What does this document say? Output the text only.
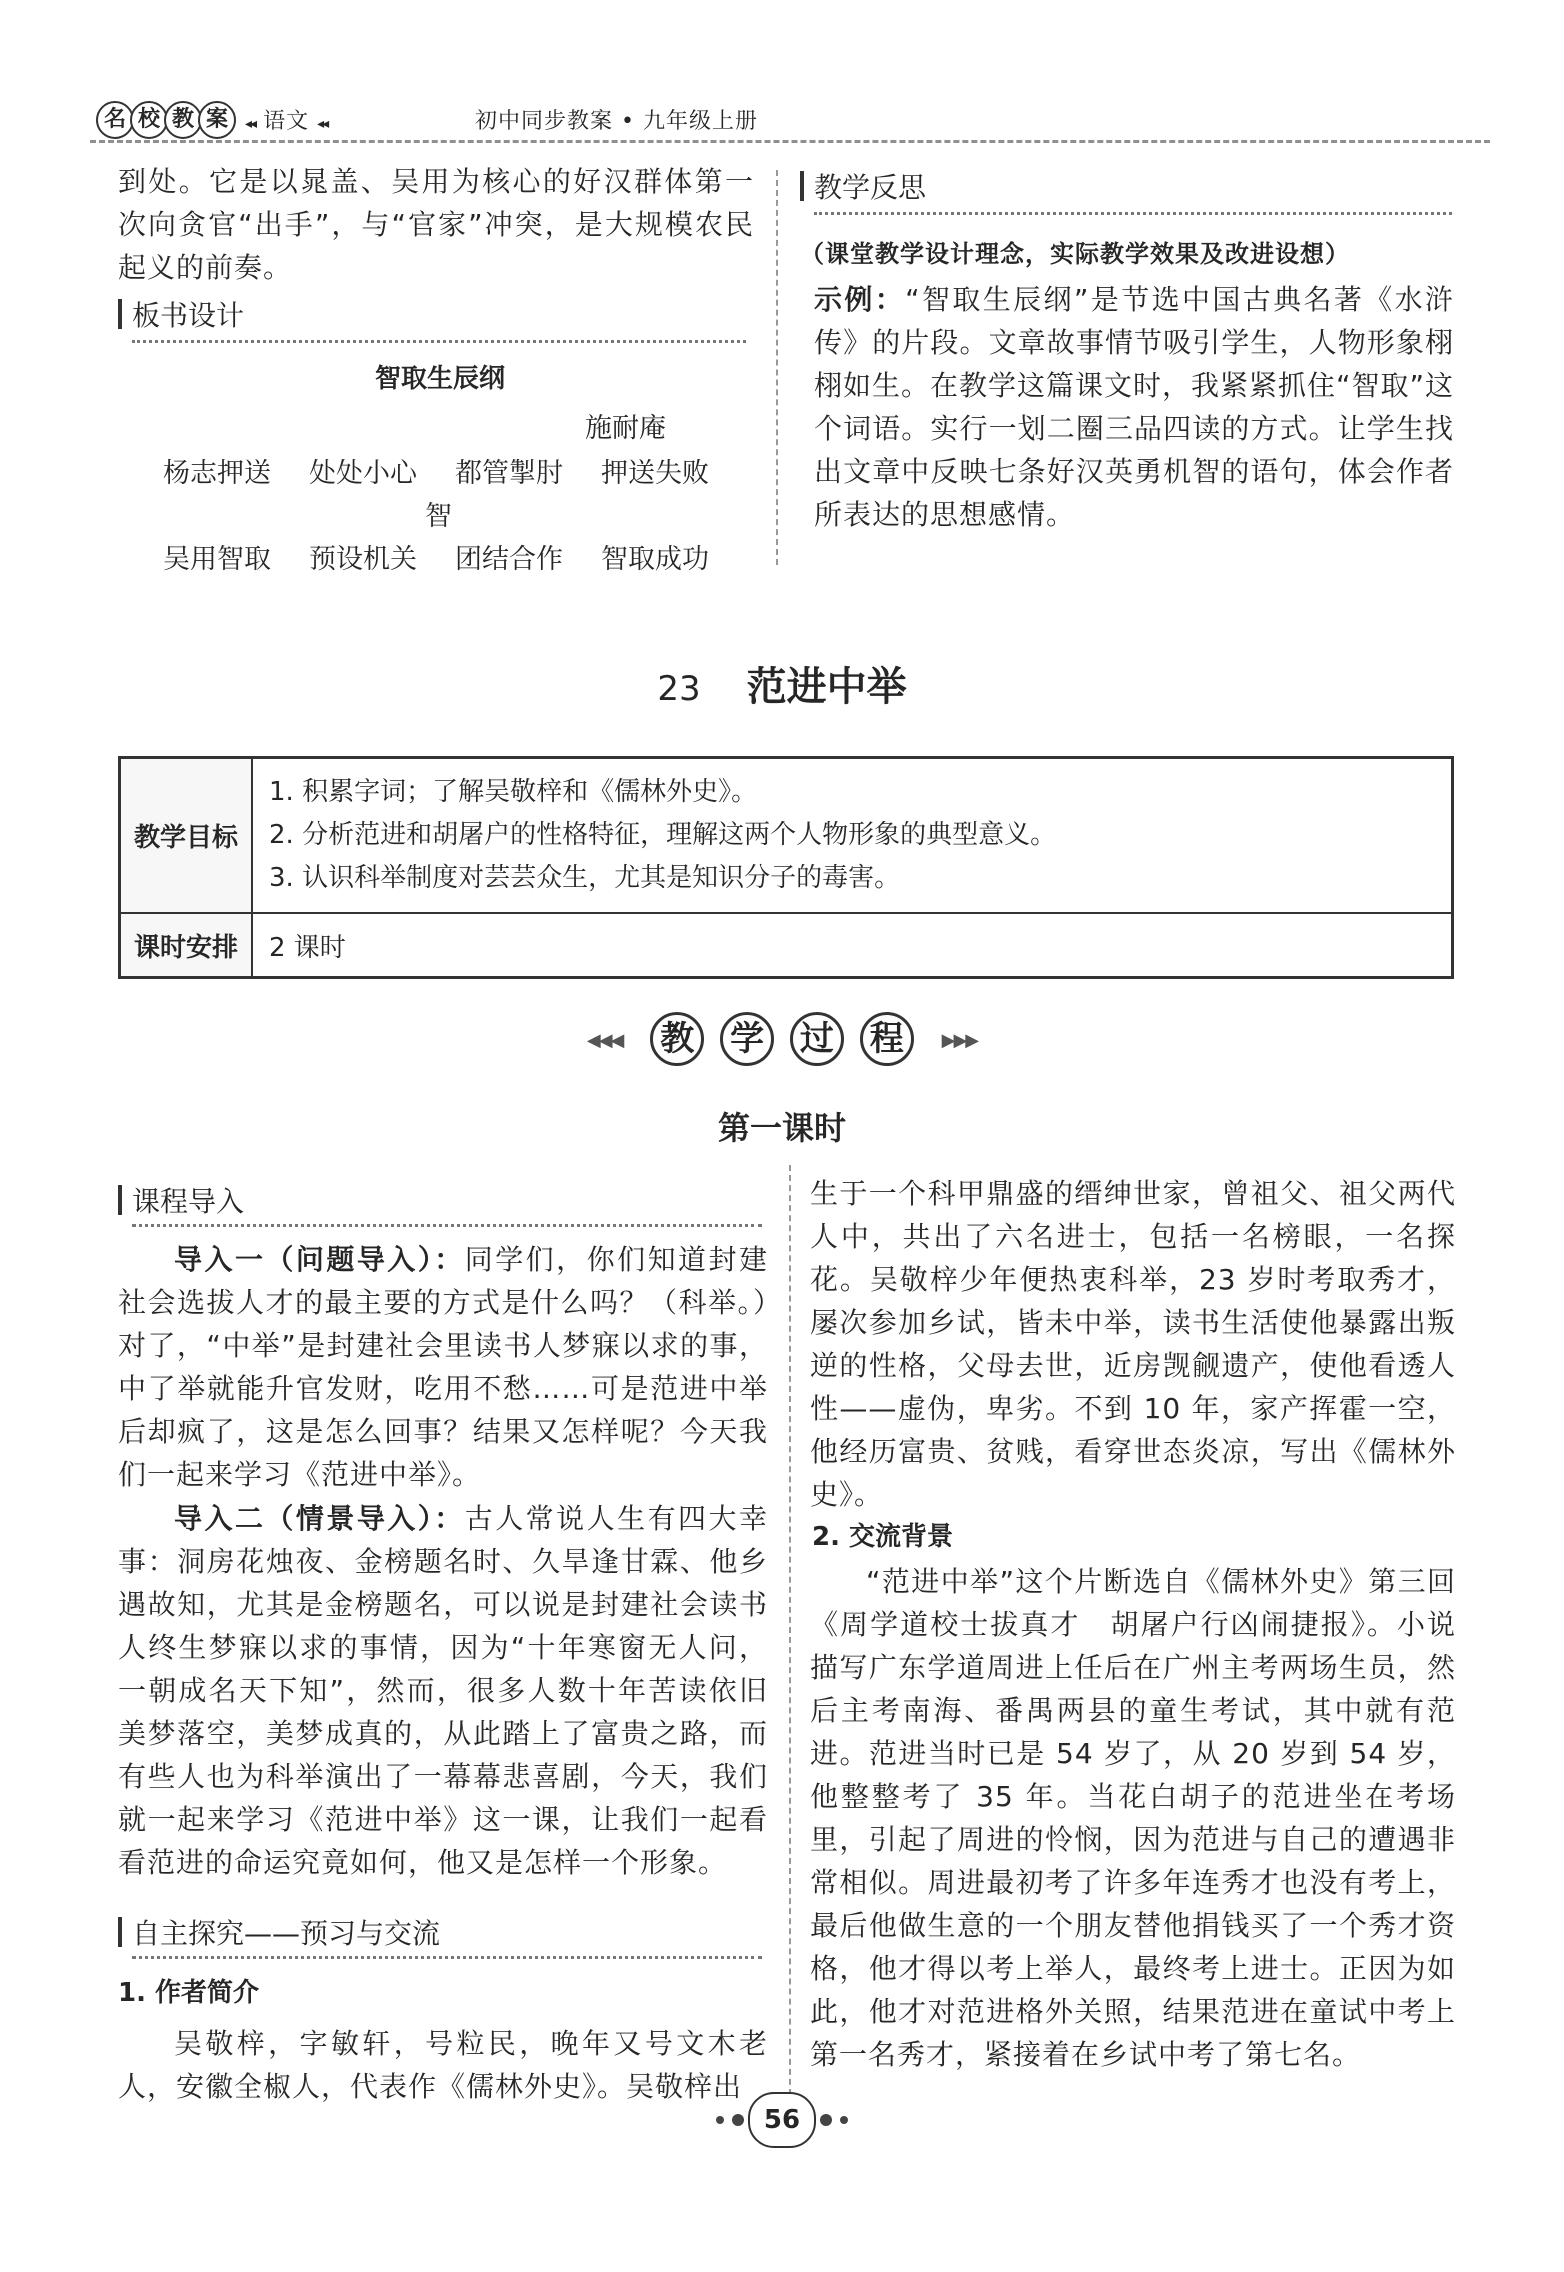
名 校 教 案	◂◂ 语文 ◂◂	初中同步教案 • 九年级上册
到处。它是以晁盖、吴用为核心的好汉群体第一次向贪官“出手”，与“官家”冲突，是大规模农民起义的前奏。
板书设计
智取生辰纲
施耐庵
杨志押送 处处小心 都管掣肘 押送失败
智
吴用智取 预设机关 团结合作 智取成功
教学反思
（课堂教学设计理念，实际教学效果及改进设想）
示例：“智取生辰纲”是节选中国古典名著《水浒传》的片段。文章故事情节吸引学生，人物形象栩栩如生。在教学这篇课文时，我紧紧抓住“智取”这个词语。实行一划二圈三品四读的方式。让学生找出文章中反映七条好汉英勇机智的语句，体会作者所表达的思想感情。
23 范进中举
教学目标	1. 积累字词；了解吴敬梓和《儒林外史》。
2. 分析范进和胡屠户的性格特征，理解这两个人物形象的典型意义。
3. 认识科举制度对芸芸众生，尤其是知识分子的毒害。

课时安排	2 课时
◀◀◀ 教 学 过 程 ▶▶▶
第一课时
课程导入
导入一（问题导入）：同学们，你们知道封建社会选拔人才的最主要的方式是什么吗？（科举。）对了，“中举”是封建社会里读书人梦寐以求的事，中了举就能升官发财，吃用不愁……可是范进中举后却疯了，这是怎么回事？结果又怎样呢？今天我们一起来学习《范进中举》。
导入二（情景导入）：古人常说人生有四大幸事：洞房花烛夜、金榜题名时、久旱逢甘霖、他乡遇故知，尤其是金榜题名，可以说是封建社会读书人终生梦寐以求的事情，因为“十年寒窗无人问，一朝成名天下知”，然而，很多人数十年苦读依旧美梦落空，美梦成真的，从此踏上了富贵之路，而有些人也为科举演出了一幕幕悲喜剧，今天，我们就一起来学习《范进中举》这一课，让我们一起看看范进的命运究竟如何，他又是怎样一个形象。
自主探究——预习与交流
1. 作者简介
吴敬梓，字敏轩，号粒民，晚年又号文木老人，安徽全椒人，代表作《儒林外史》。吴敬梓出
生于一个科甲鼎盛的缙绅世家，曾祖父、祖父两代人中，共出了六名进士，包括一名榜眼，一名探花。吴敬梓少年便热衷科举，23 岁时考取秀才，屡次参加乡试，皆未中举，读书生活使他暴露出叛逆的性格，父母去世，近房觊觎遗产，使他看透人性——虚伪，卑劣。不到 10 年，家产挥霍一空，他经历富贵、贫贱，看穿世态炎凉，写出《儒林外史》。
2. 交流背景
“范进中举”这个片断选自《儒林外史》第三回《周学道校士拔真才　胡屠户行凶闹捷报》。小说描写广东学道周进上任后在广州主考两场生员，然后主考南海、番禺两县的童生考试，其中就有范进。范进当时已是 54 岁了，从 20 岁到 54 岁，他整整考了 35 年。当花白胡子的范进坐在考场里，引起了周进的怜悯，因为范进与自己的遭遇非常相似。周进最初考了许多年连秀才也没有考上，最后他做生意的一个朋友替他捐钱买了一个秀才资格，他才得以考上举人，最终考上进士。正因为如此，他才对范进格外关照，结果范进在童试中考上第一名秀才，紧接着在乡试中考了第七名。
56
